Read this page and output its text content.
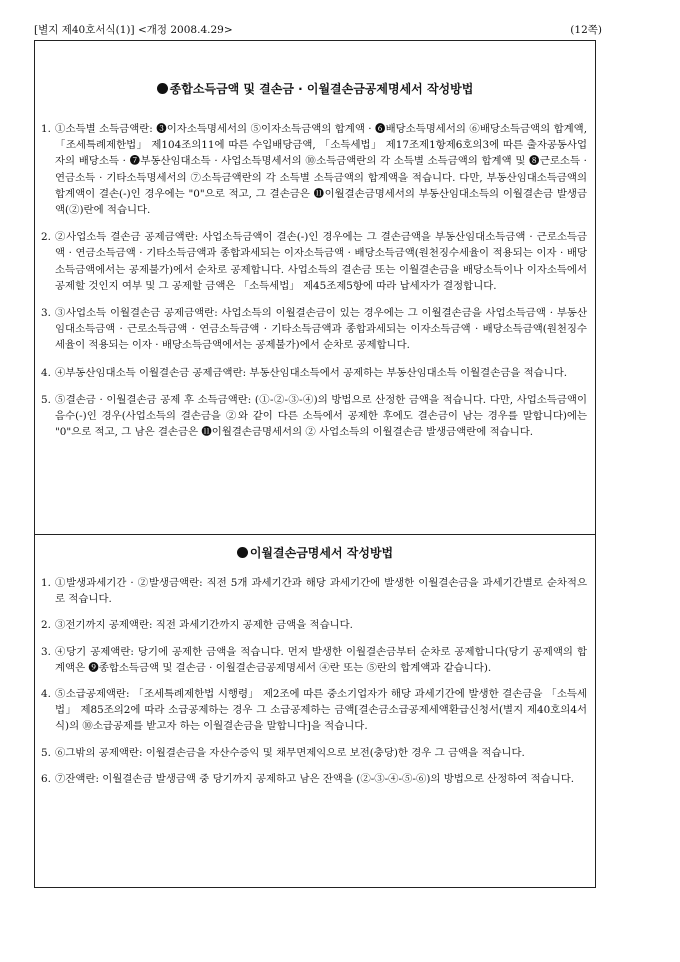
[별지 제40호서식(1)] <개정 2008.4.29>	(12쪽)
종합소득금액 및 결손금 · 이월결손금공제명세서 작성방법
1. ①소득별 소득금액란: ❸이자소득명세서의 ⑤이자소득금액의 합계액 · ❻배당소득명세서의 ⑥배당소득금액의 합계액, 「조세특례제한법」 제104조의11에 따른 수입배당금액, 「소득세법」 제17조제1항제6호의3에 따른 출자공동사업자의 배당소득 · ❼부동산임대소득 · 사업소득명세서의 ⑩소득금액란의 각 소득별 소득금액의 합계액 및 ❽근로소득 · 연금소득 · 기타소득명세서의 ⑦소득금액란의 각 소득별 소득금액의 합계액을 적습니다. 다만, 부동산임대소득금액의 합계액이 결손(-)인 경우에는 "0"으로 적고, 그 결손금은 ⓫이월결손금명세서의 부동산임대소득의 이월결손금 발생금액(②)란에 적습니다.
2. ②사업소득 결손금 공제금액란: 사업소득금액이 결손(-)인 경우에는 그 결손금액을 부동산임대소득금액 · 근로소득금액 · 연금소득금액 · 기타소득금액과 종합과세되는 이자소득금액 · 배당소득금액(원천징수세율이 적용되는 이자 · 배당소득금액에서는 공제불가)에서 순차로 공제합니다. 사업소득의 결손금 또는 이월결손금을 배당소득이나 이자소득에서 공제할 것인지 여부 및 그 공제할 금액은 「소득세법」 제45조제5항에 따라 납세자가 결정합니다.
3. ③사업소득 이월결손금 공제금액란: 사업소득의 이월결손금이 있는 경우에는 그 이월결손금을 사업소득금액 · 부동산임대소득금액 · 근로소득금액 · 연금소득금액 · 기타소득금액과 종합과세되는 이자소득금액 · 배당소득금액(원천징수세율이 적용되는 이자 · 배당소득금액에서는 공제불가)에서 순차로 공제합니다.
4. ④부동산임대소득 이월결손금 공제금액란: 부동산임대소득에서 공제하는 부동산임대소득 이월결손금을 적습니다.
5. ⑤결손금 · 이월결손금 공제 후 소득금액란: (①-②-③-④)의 방법으로 산정한 금액을 적습니다. 다만, 사업소득금액이 음수(-)인 경우(사업소득의 결손금을 ②와 같이 다른 소득에서 공제한 후에도 결손금이 남는 경우를 말합니다)에는 "0"으로 적고, 그 남은 결손금은 ⓫이월결손금명세서의 ② 사업소득의 이월결손금 발생금액란에 적습니다.
이월결손금명세서 작성방법
1. ①발생과세기간 · ②발생금액란: 직전 5개 과세기간과 해당 과세기간에 발생한 이월결손금을 과세기간별로 순차적으로 적습니다.
2. ③전기까지 공제액란: 직전 과세기간까지 공제한 금액을 적습니다.
3. ④당기 공제액란: 당기에 공제한 금액을 적습니다. 먼저 발생한 이월결손금부터 순차로 공제합니다(당기 공제액의 합계액은 ❾종합소득금액 및 결손금 · 이월결손금공제명세서 ④란 또는 ⑤란의 합계액과 같습니다).
4. ⑤소급공제액란: 「조세특례제한법 시행령」 제2조에 따른 중소기업자가 해당 과세기간에 발생한 결손금을 「소득세법」 제85조의2에 따라 소급공제하는 경우 그 소급공제하는 금액[결손금소급공제세액환급신청서(별지 제40호의4서식)의 ⑩소급공제를 받고자 하는 이월결손금을 말합니다]을 적습니다.
5. ⑥그밖의 공제액란: 이월결손금을 자산수증익 및 채무면제익으로 보전(충당)한 경우 그 금액을 적습니다.
6. ⑦잔액란: 이월결손금 발생금액 중 당기까지 공제하고 남은 잔액을 (②-③-④-⑤-⑥)의 방법으로 산정하여 적습니다.
